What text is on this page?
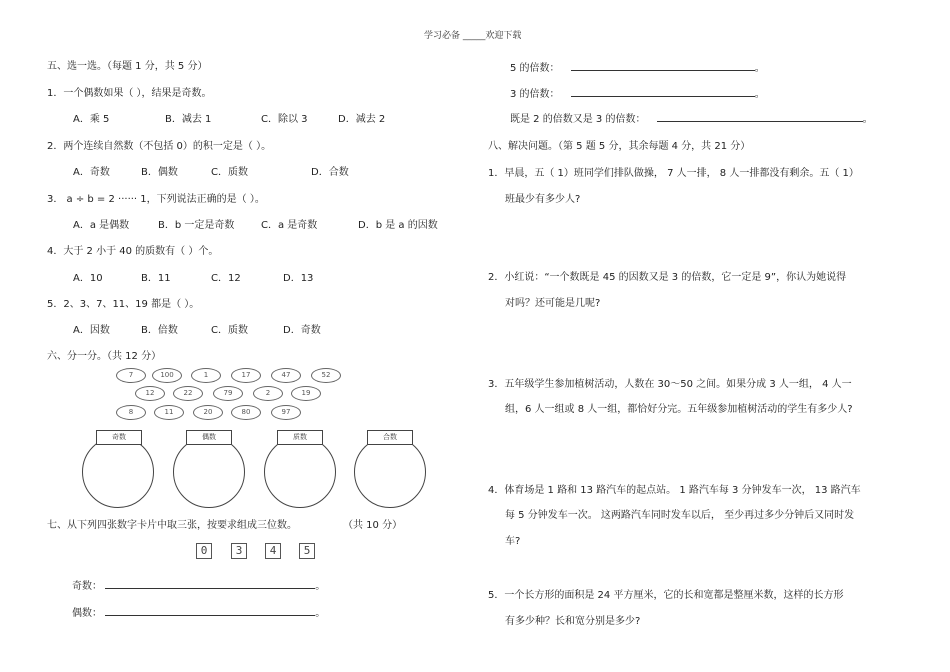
学习必备 _____欢迎下载
五、选一选。（每题 1 分，共 5 分）
1．一个偶数如果（ ），结果是奇数。
A．乘 5	B．减去 1	C．除以 3	D．减去 2
2．两个连续自然数（不包括 0）的积一定是（ ）。
A．奇数	B．偶数	C．质数	D．合数
3． a ÷ b = 2 ······ 1，下列说法正确的是（ ）。
A．a 是偶数	B．b 一定是奇数	C．a 是奇数	D．b 是 a 的因数
4．大于 2 小于 40 的质数有（ ）个。
A．10	B．11	C．12	D．13
5．2、3、7、11、19 都是（ ）。
A．因数	B．倍数	C．质数	D．奇数
六、分一分。（共 12 分）
7	100	1	17	47	52
12	22	79	2	19
8	11	20	80	97
奇数	偶数	质数	合数
七、从下列四张数字卡片中取三张，按要求组成三位数。	（共 10 分）
0	3	4	5
奇数：	。
偶数：	。
5 的倍数：	。
3 的倍数：	。
既是 2 的倍数又是 3 的倍数：	。
八、解决问题。（第 5 题 5 分，其余每题 4 分，共 21 分）
1．早晨，五（ 1）班同学们排队做操， 7 人一排， 8 人一排都没有剩余。五（ 1）
班最少有多少人?
2．小红说：“一个数既是 45 的因数又是 3 的倍数，它一定是 9”，你认为她说得
对吗？还可能是几呢?
3．五年级学生参加植树活动，人数在 30～50 之间。如果分成 3 人一组， 4 人一
组，6 人一组或 8 人一组，都恰好分完。五年级参加植树活动的学生有多少人?
4．体育场是 1 路和 13 路汽车的起点站。 1 路汽车每 3 分钟发车一次， 13 路汽车
每 5 分钟发车一次。 这两路汽车同时发车以后， 至少再过多少分钟后又同时发
车?
5．一个长方形的面积是 24 平方厘米，它的长和宽都是整厘米数，这样的长方形
有多少种？长和宽分别是多少?
